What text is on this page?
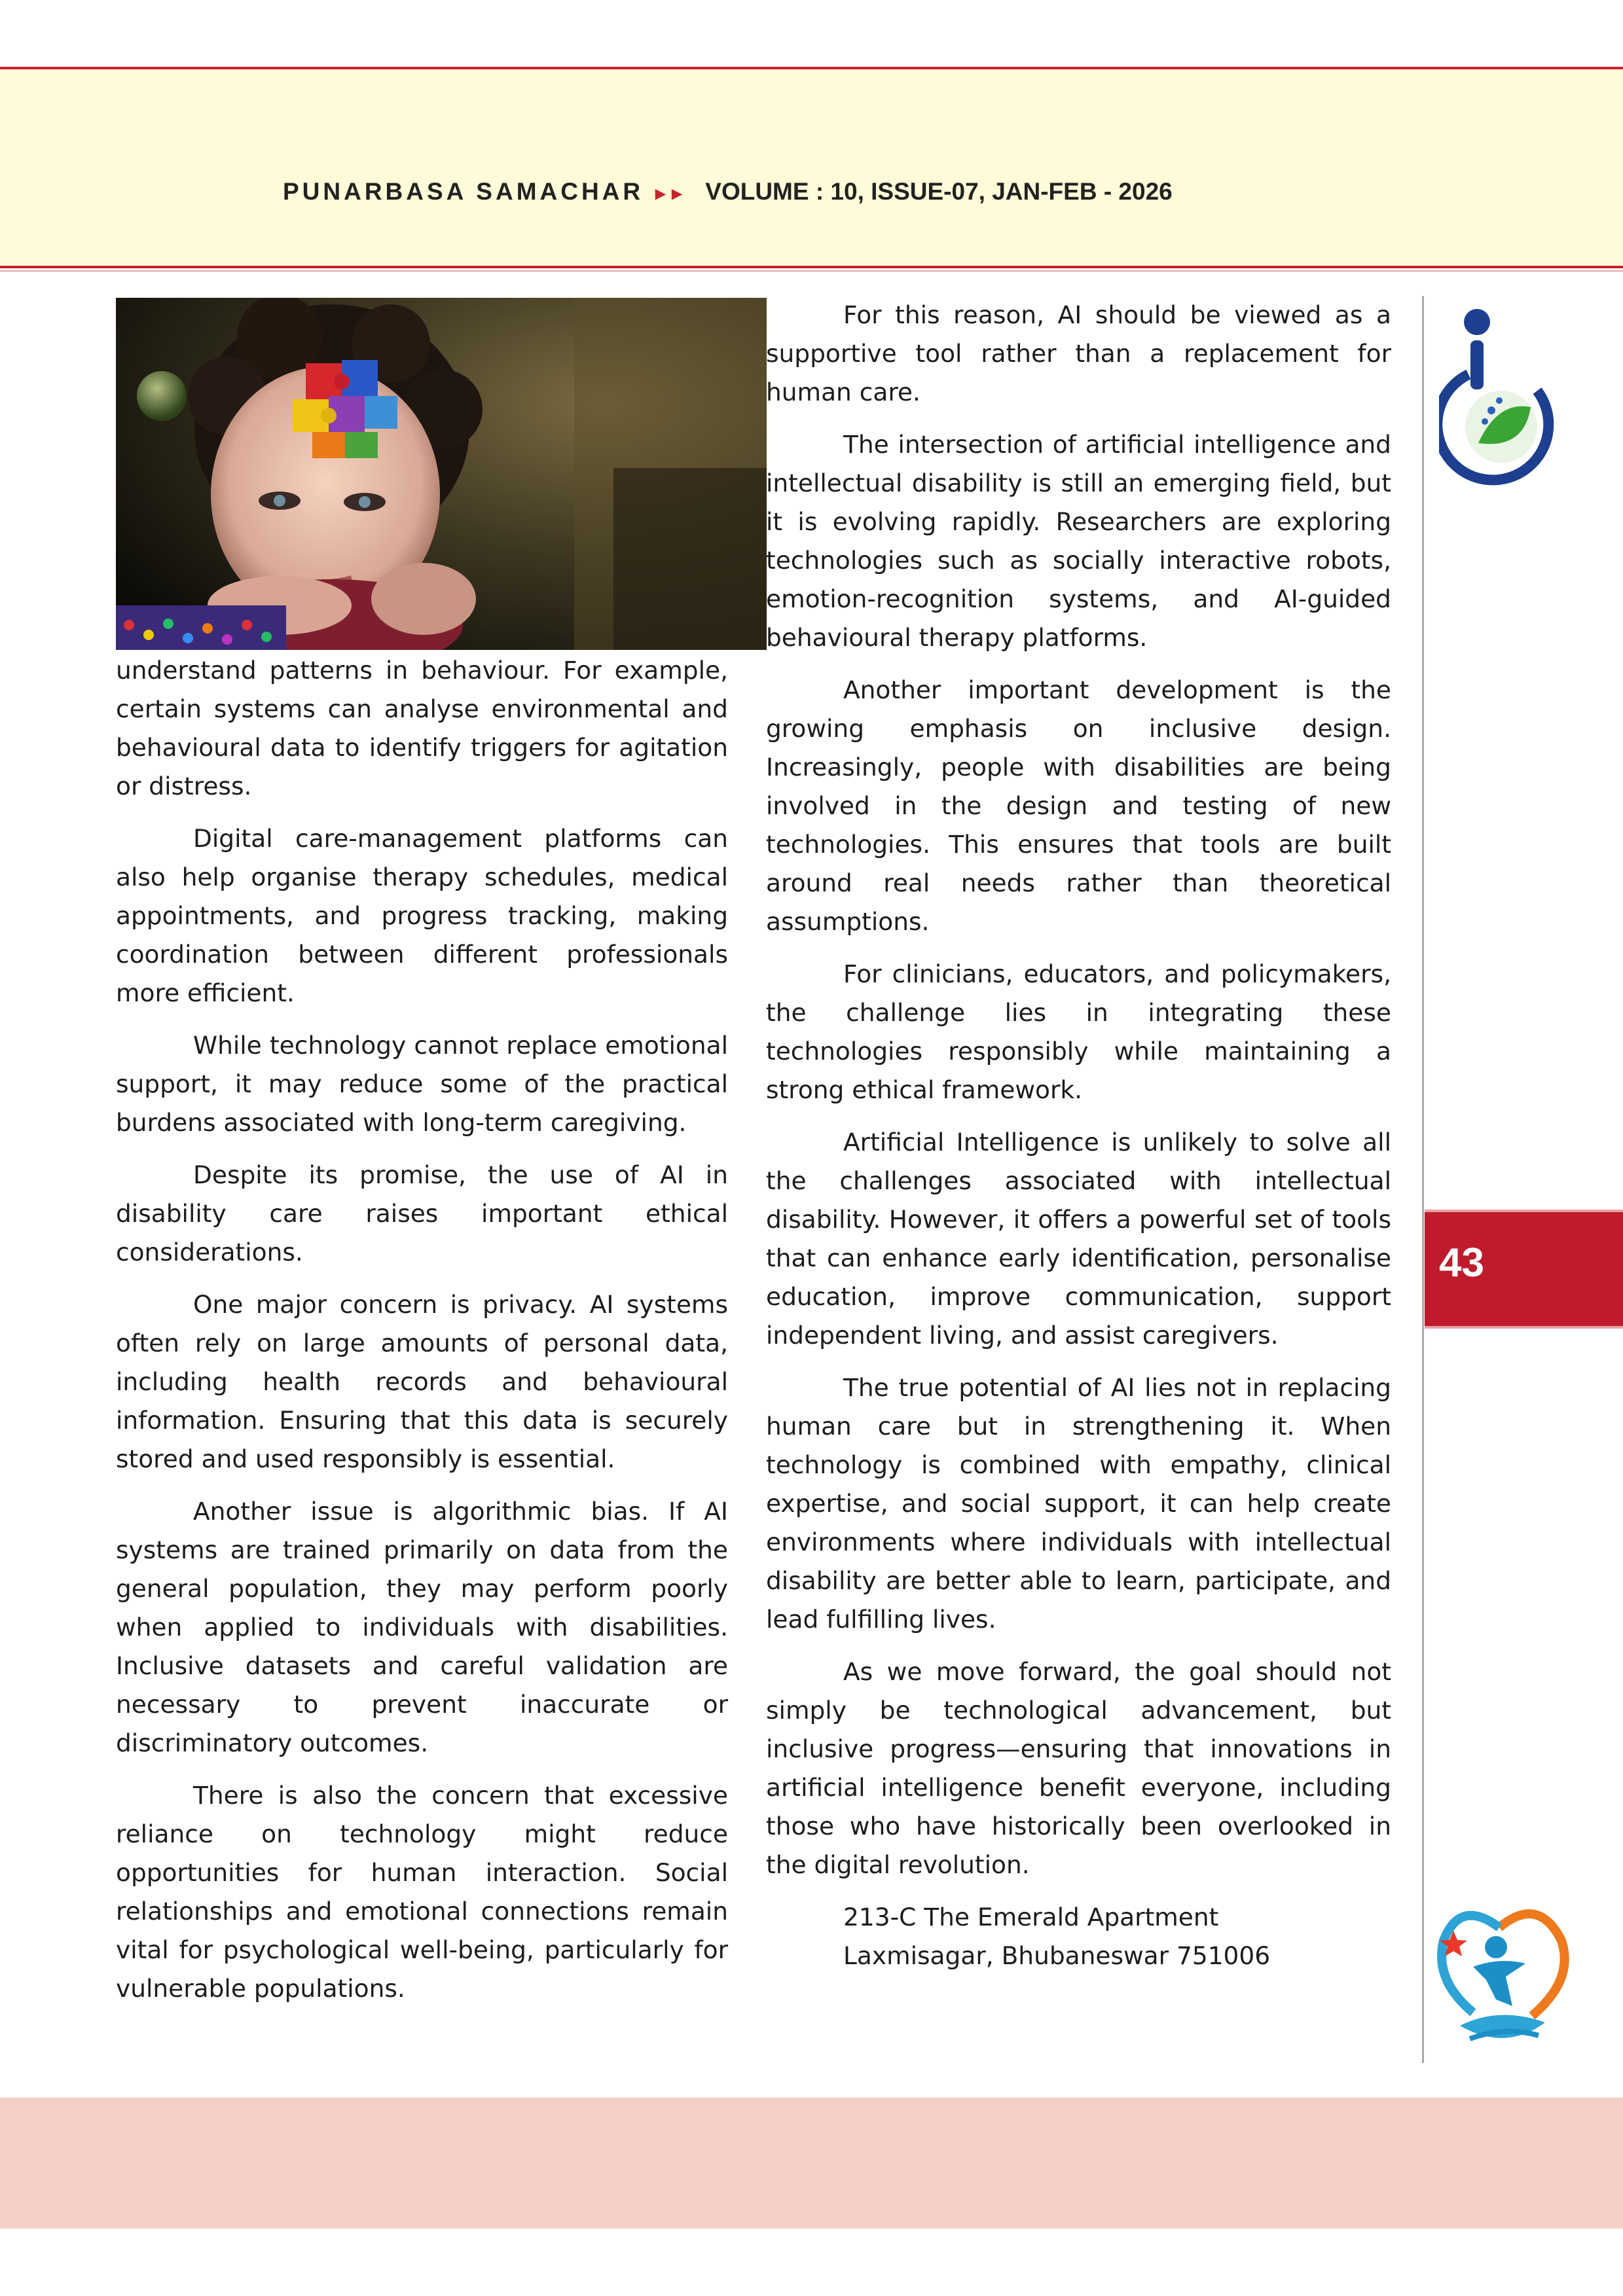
PUNARBASA SAMACHAR ▸▸ VOLUME : 10, ISSUE-07, JAN-FEB - 2026

understand patterns in behaviour. For example, certain systems can analyse environmental and behavioural data to identify triggers for agitation or distress.

Digital care-management platforms can also help organise therapy schedules, medical appointments, and progress tracking, making coordination between different professionals more efficient.

While technology cannot replace emotional support, it may reduce some of the practical burdens associated with long-term caregiving.

Despite its promise, the use of AI in disability care raises important ethical considerations.

One major concern is privacy. AI systems often rely on large amounts of personal data, including health records and behavioural information. Ensuring that this data is securely stored and used responsibly is essential.

Another issue is algorithmic bias. If AI systems are trained primarily on data from the general population, they may perform poorly when applied to individuals with disabilities. Inclusive datasets and careful validation are necessary to prevent inaccurate or discriminatory outcomes.

There is also the concern that excessive reliance on technology might reduce opportunities for human interaction. Social relationships and emotional connections remain vital for psychological well-being, particularly for vulnerable populations.

For this reason, AI should be viewed as a supportive tool rather than a replacement for human care.

The intersection of artificial intelligence and intellectual disability is still an emerging field, but it is evolving rapidly. Researchers are exploring technologies such as socially interactive robots, emotion-recognition systems, and AI-guided behavioural therapy platforms.

Another important development is the growing emphasis on inclusive design. Increasingly, people with disabilities are being involved in the design and testing of new technologies. This ensures that tools are built around real needs rather than theoretical assumptions.

For clinicians, educators, and policymakers, the challenge lies in integrating these technologies responsibly while maintaining a strong ethical framework.

Artificial Intelligence is unlikely to solve all the challenges associated with intellectual disability. However, it offers a powerful set of tools that can enhance early identification, personalise education, improve communication, support independent living, and assist caregivers.

The true potential of AI lies not in replacing human care but in strengthening it. When technology is combined with empathy, clinical expertise, and social support, it can help create environments where individuals with intellectual disability are better able to learn, participate, and lead fulfilling lives.

As we move forward, the goal should not simply be technological advancement, but inclusive progress—ensuring that innovations in artificial intelligence benefit everyone, including those who have historically been overlooked in the digital revolution.

213-C The Emerald Apartment

Laxmisagar, Bhubaneswar 751006

43
